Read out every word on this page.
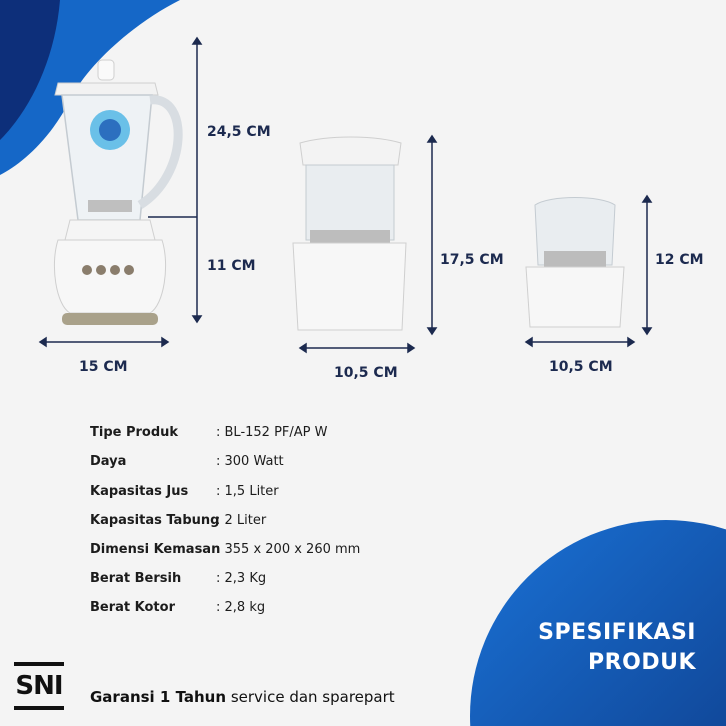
24,5 CM
11 CM
15 CM
17,5 CM
10,5 CM
12 CM
10,5 CM
Tipe Produk	: BL-152 PF/AP W
Daya	: 300 Watt
Kapasitas Jus	: 1,5 Liter
Kapasitas Tabung : 2 Liter
Dimensi Kemasan : 355 x 200 x 260 mm
Berat Bersih	: 2,3 Kg
Berat Kotor	: 2,8 kg
SPESIFIKASI
PRODUK
SNI Garansi 1 Tahun service dan sparepart
